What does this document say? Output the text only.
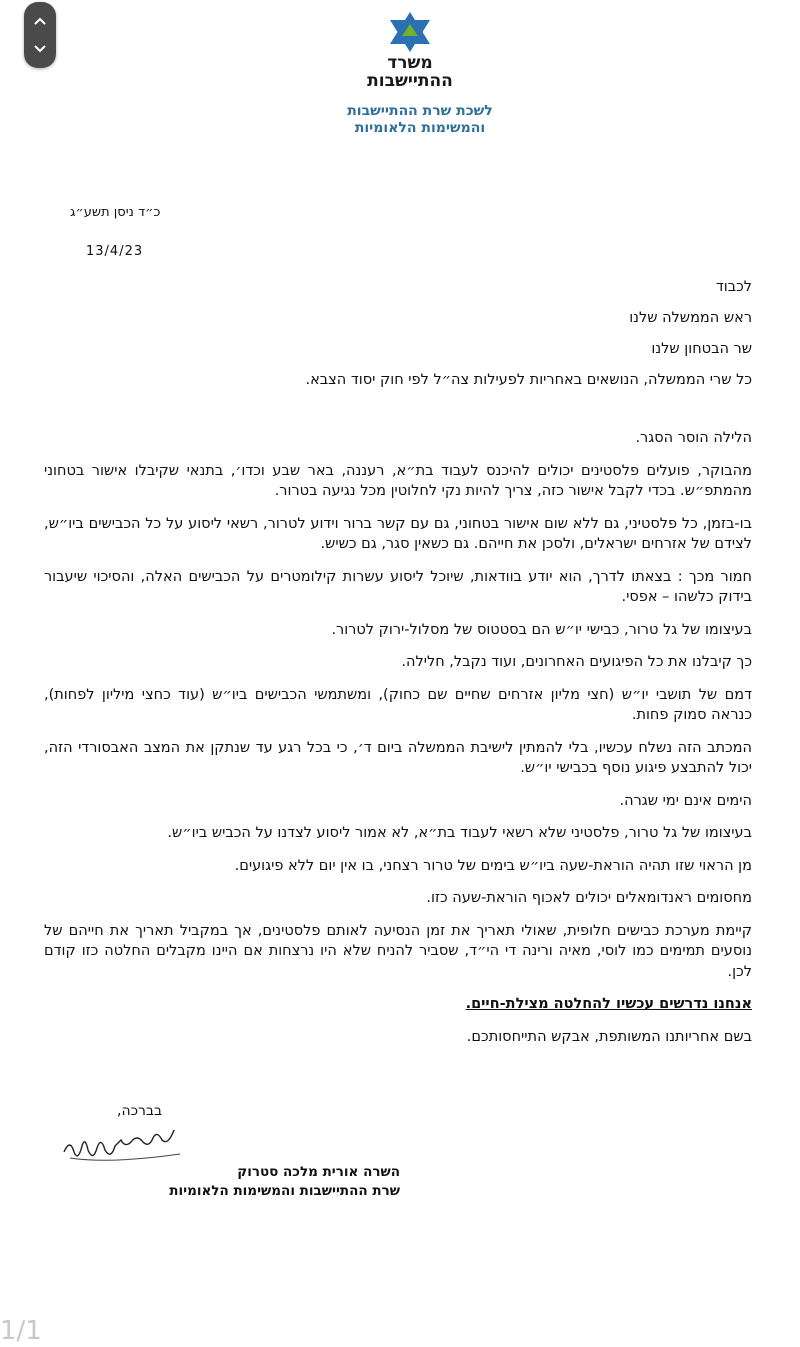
משרד
ההתיישבות
לשכת שרת ההתיישבות
והמשימות הלאומיות
כ״ד ניסן תשע״ג
13/4/23
לכבוד
ראש הממשלה שלנו
שר הבטחון שלנו
כל שרי הממשלה, הנושאים באחריות לפעילות צה״ל לפי חוק יסוד הצבא.

הלילה הוסר הסגר.

מהבוקר, פועלים פלסטינים יכולים להיכנס לעבוד בת״א, רעננה, באר שבע וכדו׳, בתנאי שקיבלו אישור בטחוני מהמתפ״ש. בכדי לקבל אישור כזה, צריך להיות נקי לחלוטין מכל נגיעה בטרור.

בו-בזמן, כל פלסטיני, גם ללא שום אישור בטחוני, גם עם קשר ברור וידוע לטרור, רשאי ליסוע על כל הכבישים ביו״ש, לצידם של אזרחים ישראלים, ולסכן את חייהם. גם כשאין סגר, גם כשיש.

חמור מכך : בצאתו לדרך, הוא יודע בוודאות, שיוכל ליסוע עשרות קילומטרים על הכבישים האלה, והסיכוי שיעבור בידוק כלשהו – אפסי.

בעיצומו של גל טרור, כבישי יו״ש הם בסטטוס של מסלול-ירוק לטרור.

כך קיבלנו את כל הפיגועים האחרונים, ועוד נקבל, חלילה.

דמם של תושבי יו״ש (חצי מליון אזרחים שחיים שם כחוק), ומשתמשי הכבישים ביו״ש (עוד כחצי מיליון לפחות), כנראה סמוק פחות.

המכתב הזה נשלח עכשיו, בלי להמתין לישיבת הממשלה ביום ד׳, כי בכל רגע עד שנתקן את המצב האבסורדי הזה, יכול להתבצע פיגוע נוסף בכבישי יו״ש.

הימים אינם ימי שגרה.

בעיצומו של גל טרור, פלסטיני שלא רשאי לעבוד בת״א, לא אמור ליסוע לצדנו על הכביש ביו״ש.

מן הראוי שזו תהיה הוראת-שעה ביו״ש בימים של טרור רצחני, בו אין יום ללא פיגועים.

מחסומים ראנדומאלים יכולים לאכוף הוראת-שעה כזו.

קיימת מערכת כבישים חלופית, שאולי תאריך את זמן הנסיעה לאותם פלסטינים, אך במקביל תאריך את חייהם של נוסעים תמימים כמו לוסי, מאיה ורינה די הי״ד, שסביר להניח שלא היו נרצחות אם היינו מקבלים החלטה כזו קודם לכן.

אנחנו נדרשים עכשיו להחלטה מצילת-חיים.

בשם אחריותנו המשותפת, אבקש התייחסותכם.

בברכה,
השרה אורית מלכה סטרוק
שרת ההתיישבות והמשימות הלאומיות
1/1
